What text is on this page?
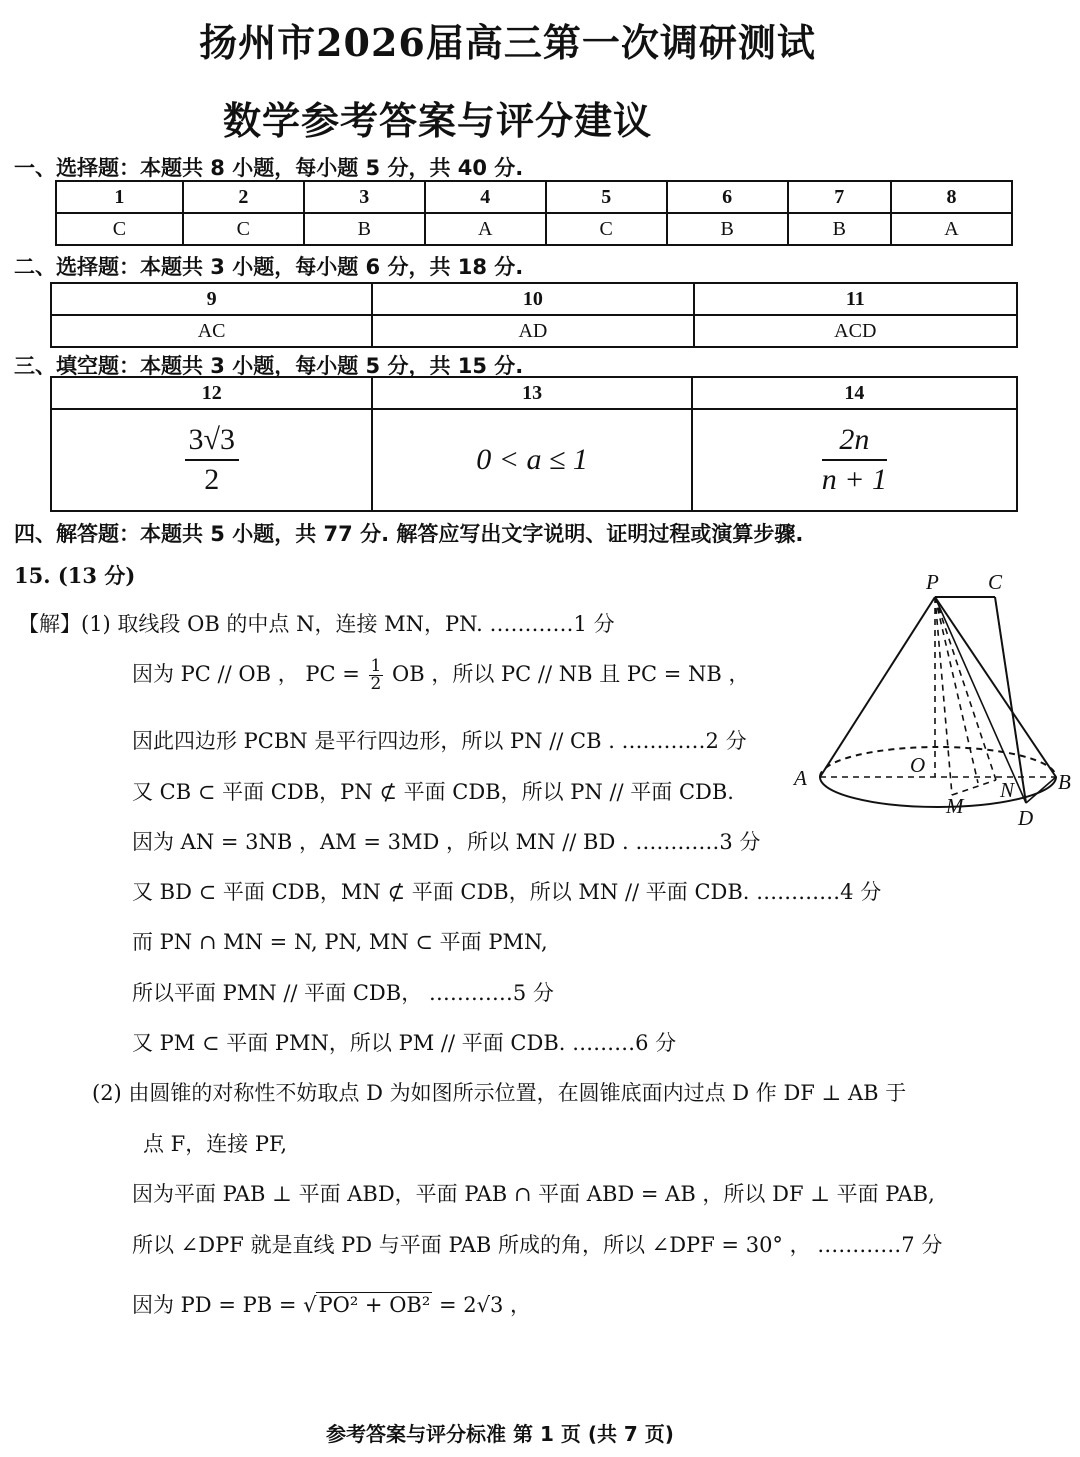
扬州市2026届高三第一次调研测试
数学参考答案与评分建议
一、选择题：本题共 8 小题，每小题 5 分，共 40 分.
1	2	3	4	5	6	7	8
C	C	B	A	C	B	B	A
二、选择题：本题共 3 小题，每小题 6 分，共 18 分.
9	10	11
AC	AD	ACD
三、填空题：本题共 3 小题，每小题 5 分，共 15 分.
12	13	14

$\frac{3√3}{2}$	0 < a ≤ 1	$\frac{2n}{n + 1}$
四、解答题：本题共 5 小题，共 77 分. 解答应写出文字说明、证明过程或演算步骤.
15. (13 分)
【解】(1) 取线段 OB 的中点 N，连接 MN，PN. …………1 分
因为 PC // OB ， PC = $\frac{1}{2}$ OB ，所以 PC // NB 且 PC = NB ，
因此四边形 PCBN 是平行四边形，所以 PN // CB . …………2 分
又 CB ⊂ 平面 CDB，PN ⊄ 平面 CDB，所以 PN // 平面 CDB.
因为 AN = 3NB ，AM = 3MD ，所以 MN // BD . …………3 分
又 BD ⊂ 平面 CDB，MN ⊄ 平面 CDB，所以 MN // 平面 CDB. …………4 分
而 PN ∩ MN = N, PN, MN ⊂ 平面 PMN,
所以平面 PMN // 平面 CDB， …………5 分
又 PM ⊂ 平面 PMN，所以 PM // 平面 CDB. ………6 分
(2) 由圆锥的对称性不妨取点 D 为如图所示位置，在圆锥底面内过点 D 作 DF ⊥ AB 于
点 F，连接 PF,
因为平面 PAB ⊥ 平面 ABD，平面 PAB ∩ 平面 ABD = AB ，所以 DF ⊥ 平面 PAB,
所以 ∠DPF 就是直线 PD 与平面 PAB 所成的角，所以 ∠DPF = 30° ， …………7 分
因为 PD = PB = √PO² + OB² = 2√3 ，
P C
O
A	B
M
N
D
参考答案与评分标准 第 1 页 (共 7 页)
